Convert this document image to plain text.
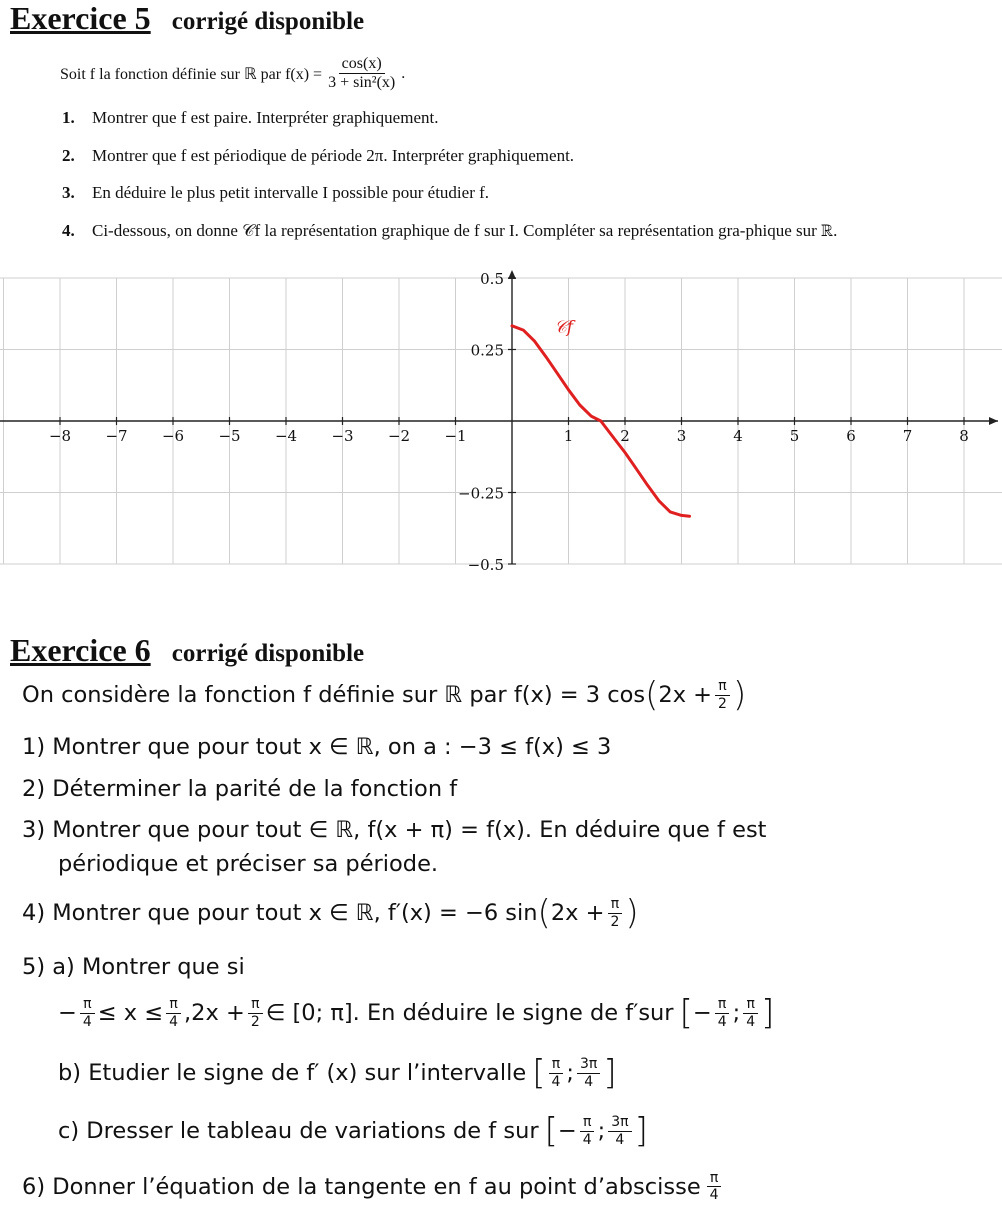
Exercice 5 corrigé disponible
Soit f la fonction définie sur ℝ par $f(x) = \frac{\cos(x)}{\text{3 + sin²(x)}}$ .
1. Montrer que f est paire. Interpréter graphiquement.
2. Montrer que f est périodique de période 2π. Interpréter graphiquement.
3. En déduire le plus petit intervalle I possible pour étudier f.
4. Ci-dessous, on donne 𝒞f la représentation graphique de f sur I. Compléter sa représentation gra-phique sur ℝ.
−8 −7 −6 −5 −4 −3 −2 −1	1	2	3	4	5	6	7	8
0.5
0.25
−0.25
−0.5
𝒞f
Exercice 6 corrigé disponible
On considère la fonction f définie sur ℝ par f(x) = 3 cos ( $2x + \frac{\pi}{2}$ )
1) Montrer que pour tout x ∈ ℝ, on a : −3 ≤ f(x) ≤ 3
2) Déterminer la parité de la fonction f
3) Montrer que pour tout ∈ ℝ, f(x + π) = f(x). En déduire que f est
périodique et préciser sa période.
4) Montrer que pour tout x ∈ ℝ, f′(x) = −6 sin ( $2x + \frac{\pi}{2}$ )
5) a) Montrer que si
− $\frac{\pi}{4} \le x \le \frac{\pi}{4} ,2x + \frac{\pi}{2}$ ∈ [0; π]. En déduire le signe de f′sur [ − $\frac{\pi}{4}$ ; $\frac{\pi}{4}$ ]
b) Etudier le signe de f′ (x) sur l’intervalle [ $\frac{\pi}{4}$ ; $\frac{3\pi}{4}$ ]
c) Dresser le tableau de variations de f sur [ − $\frac{\pi}{4}$ ; $\frac{3\pi}{4}$ ]
6) Donner l’équation de la tangente en f au point d’abscisse $\frac{\pi}{4}$
